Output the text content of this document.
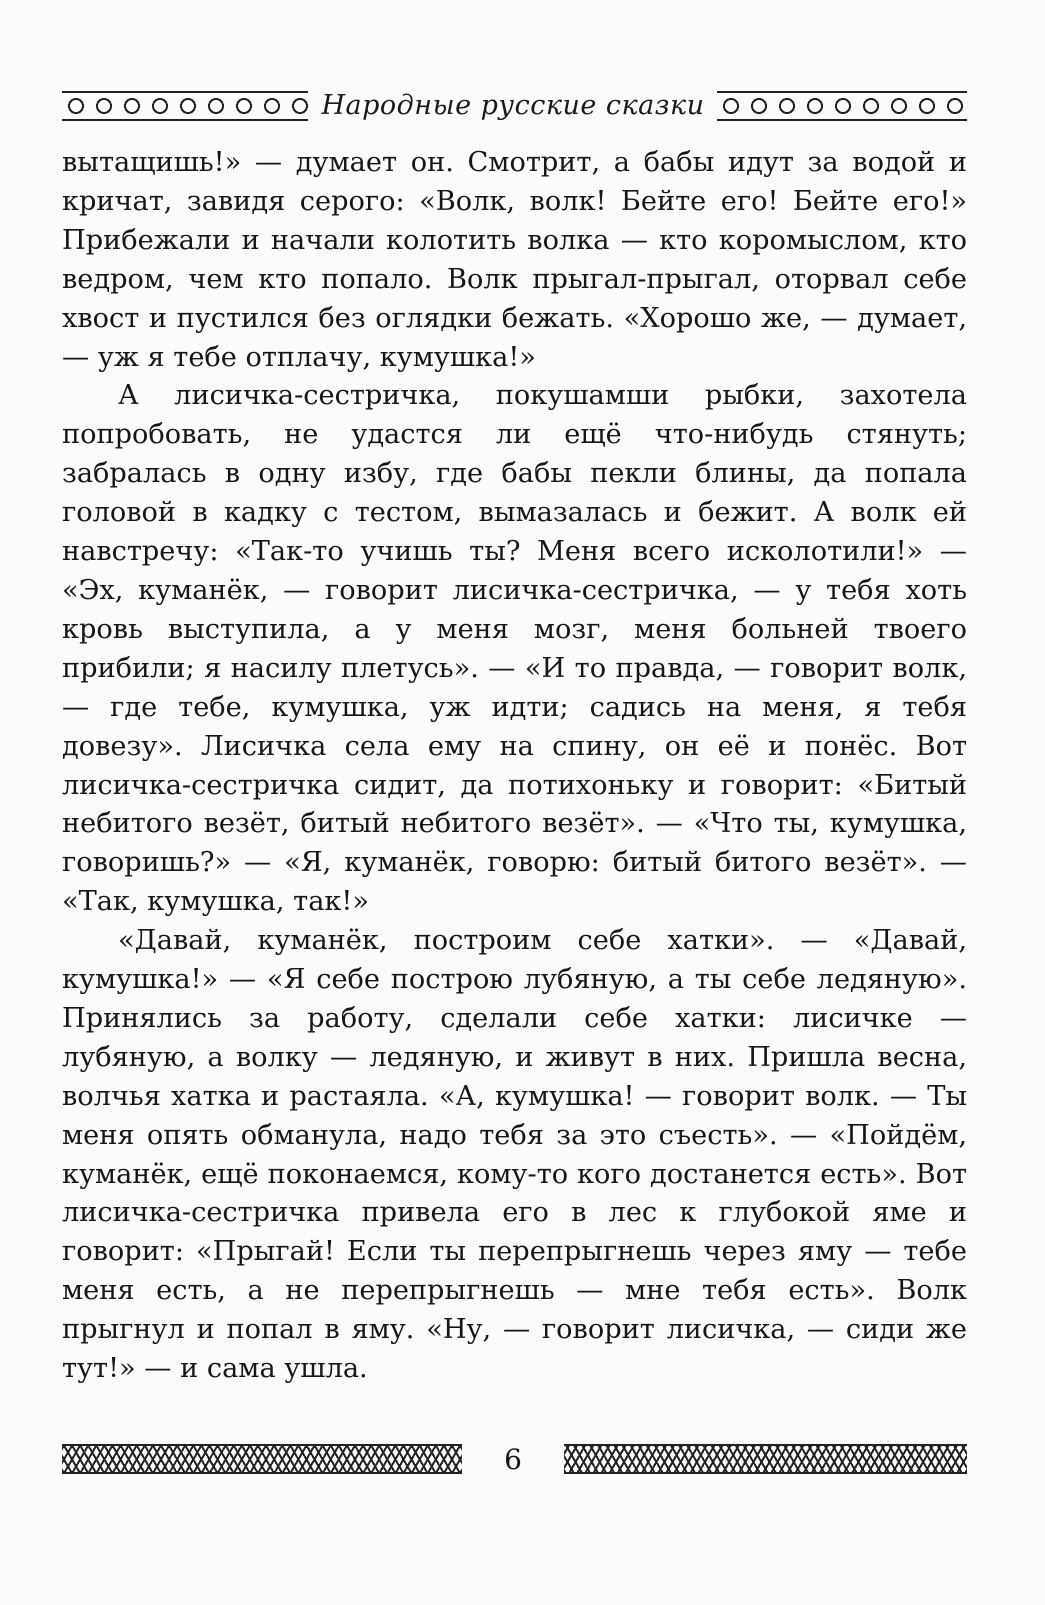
Народные русские сказки

вытащишь!» — думает он. Смотрит, а бабы идут за водой и кричат, завидя серого: «Волк, волк! Бейте его! Бейте его!» Прибежали и начали колотить волка — кто коромыслом, кто ведром, чем кто попало. Волк прыгал-прыгал, оторвал себе хвост и пустился без оглядки бежать. «Хорошо же, — думает, — уж я тебе отплачу, кумушка!»

А лисичка-сестричка, покушамши рыбки, захотела попробовать, не удастся ли ещё что-нибудь стянуть; забралась в одну избу, где бабы пекли блины, да попала головой в кадку с тестом, вымазалась и бежит. А волк ей навстречу: «Так-то учишь ты? Меня всего исколотили!» — «Эх, куманёк, — говорит лисичка-сестричка, — у тебя хоть кровь выступила, а у меня мозг, меня больней твоего прибили; я насилу плетусь». — «И то правда, — говорит волк, — где тебе, кумушка, уж идти; садись на меня, я тебя довезу». Лисичка села ему на спину, он её и понёс. Вот лисичка-сестричка сидит, да потихоньку и говорит: «Битый небитого везёт, битый небитого везёт». — «Что ты, кумушка, говоришь?» — «Я, куманёк, говорю: битый битого везёт». — «Так, кумушка, так!»

«Давай, куманёк, построим себе хатки». — «Давай, кумушка!» — «Я себе построю лубяную, а ты себе ледяную». Принялись за работу, сделали себе хатки: лисичке — лубяную, а волку — ледяную, и живут в них. Пришла весна, волчья хатка и растаяла. «А, кумушка! — говорит волк. — Ты меня опять обманула, надо тебя за это съесть». — «Пойдём, куманёк, ещё поконаемся, кому-то кого достанется есть». Вот лисичка-сестричка привела его в лес к глубокой яме и говорит: «Прыгай! Если ты перепрыгнешь через яму — тебе меня есть, а не перепрыгнешь — мне тебя есть». Волк прыгнул и попал в яму. «Ну, — говорит лисичка, — сиди же тут!» — и сама ушла.

6
